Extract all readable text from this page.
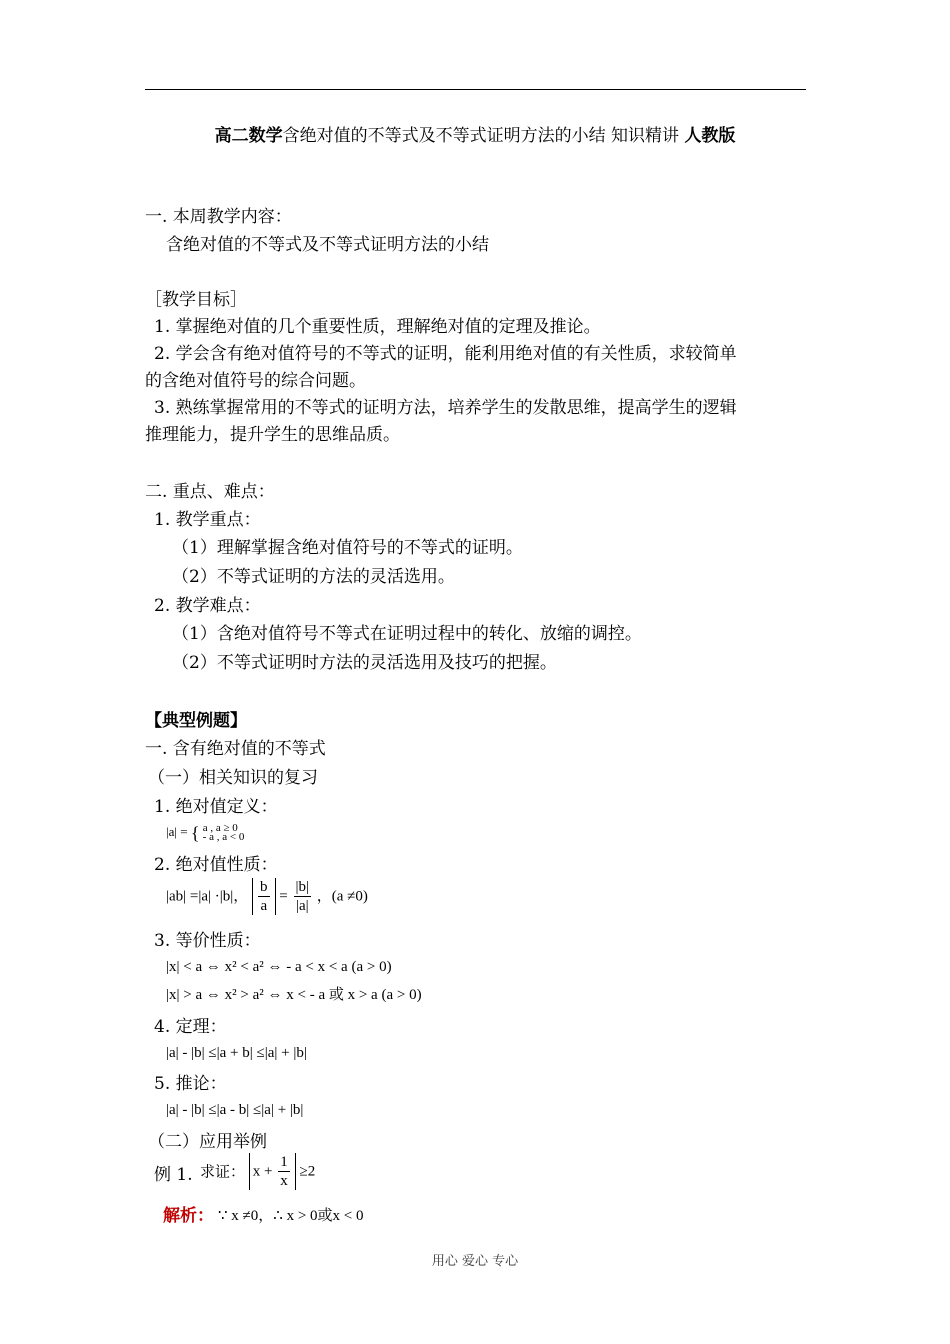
高二数学含绝对值的不等式及不等式证明方法的小结 知识精讲 人教版
一. 本周教学内容：
含绝对值的不等式及不等式证明方法的小结
［教学目标］
1. 掌握绝对值的几个重要性质，理解绝对值的定理及推论。
2. 学会含有绝对值符号的不等式的证明，能利用绝对值的有关性质，求较简单
的含绝对值符号的综合问题。
3. 熟练掌握常用的不等式的证明方法，培养学生的发散思维，提高学生的逻辑
推理能力，提升学生的思维品质。
二. 重点、难点：
1. 教学重点：
（1）理解掌握含绝对值符号的不等式的证明。
（2）不等式证明的方法的灵活选用。
2. 教学难点：
（1）含绝对值符号不等式在证明过程中的转化、放缩的调控。
（2）不等式证明时方法的灵活选用及技巧的把握。
【典型例题】
一. 含有绝对值的不等式
（一）相关知识的复习
1. 绝对值定义：
|a| = { a , a ≥ 0
- a , a < 0
2. 绝对值性质：
|ab| =|a| ·|b|， $\frac{b}{a} = \frac{|b|}{|a|}$ ，(a ≠0)
3. 等价性质：
|x| < a ⇔ x² < a² ⇔ - a < x < a (a > 0)
|x| > a ⇔ x² > a² ⇔ x < - a 或 x > a (a > 0)
4. 定理：
|a| - |b| ≤|a + b| ≤|a| + |b|
5. 推论：
|a| - |b| ≤|a - b| ≤|a| + |b|
（二）应用举例
例 1. 求证： $x + \frac{1}{x} \ge 2$
解析： ∵ x ≠0，∴ x > 0或x < 0
用心 爱心 专心
